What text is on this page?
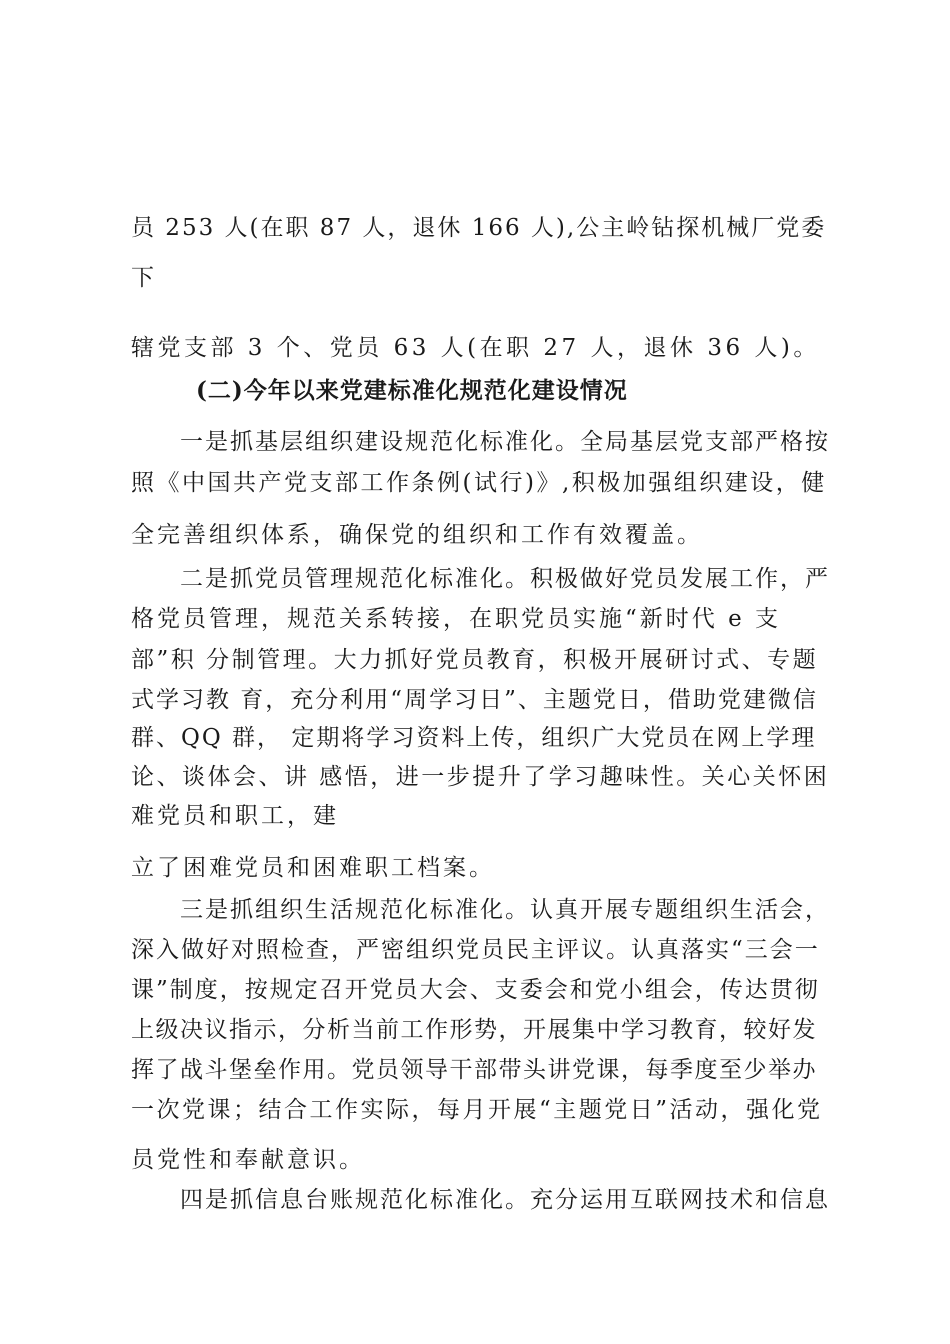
员 253 人(在职 87 人，退休 166 人),公主岭钻探机械厂党委
下
辖党支部 3 个、党员 63 人(在职 27 人，退休 36 人)。
(二)今年以来党建标准化规范化建设情况
一是抓基层组织建设规范化标准化。全局基层党支部严格按
照《中国共产党支部工作条例(试行)》,积极加强组织建设，健
全完善组织体系，确保党的组织和工作有效覆盖。
二是抓党员管理规范化标准化。积极做好党员发展工作，严
格党员管理，规范关系转接，在职党员实施“新时代 e 支
部”积 分制管理。大力抓好党员教育，积极开展研讨式、专题
式学习教 育，充分利用“周学习日”、主题党日，借助党建微信
群、QQ 群， 定期将学习资料上传，组织广大党员在网上学理
论、谈体会、讲 感悟，进一步提升了学习趣味性。关心关怀困
难党员和职工，建
立了困难党员和困难职工档案。
三是抓组织生活规范化标准化。认真开展专题组织生活会，
深入做好对照检查，严密组织党员民主评议。认真落实“三会一
课”制度，按规定召开党员大会、支委会和党小组会，传达贯彻
上级决议指示，分析当前工作形势，开展集中学习教育，较好发
挥了战斗堡垒作用。党员领导干部带头讲党课，每季度至少举办
一次党课；结合工作实际，每月开展“主题党日”活动，强化党
员党性和奉献意识。
四是抓信息台账规范化标准化。充分运用互联网技术和信息
